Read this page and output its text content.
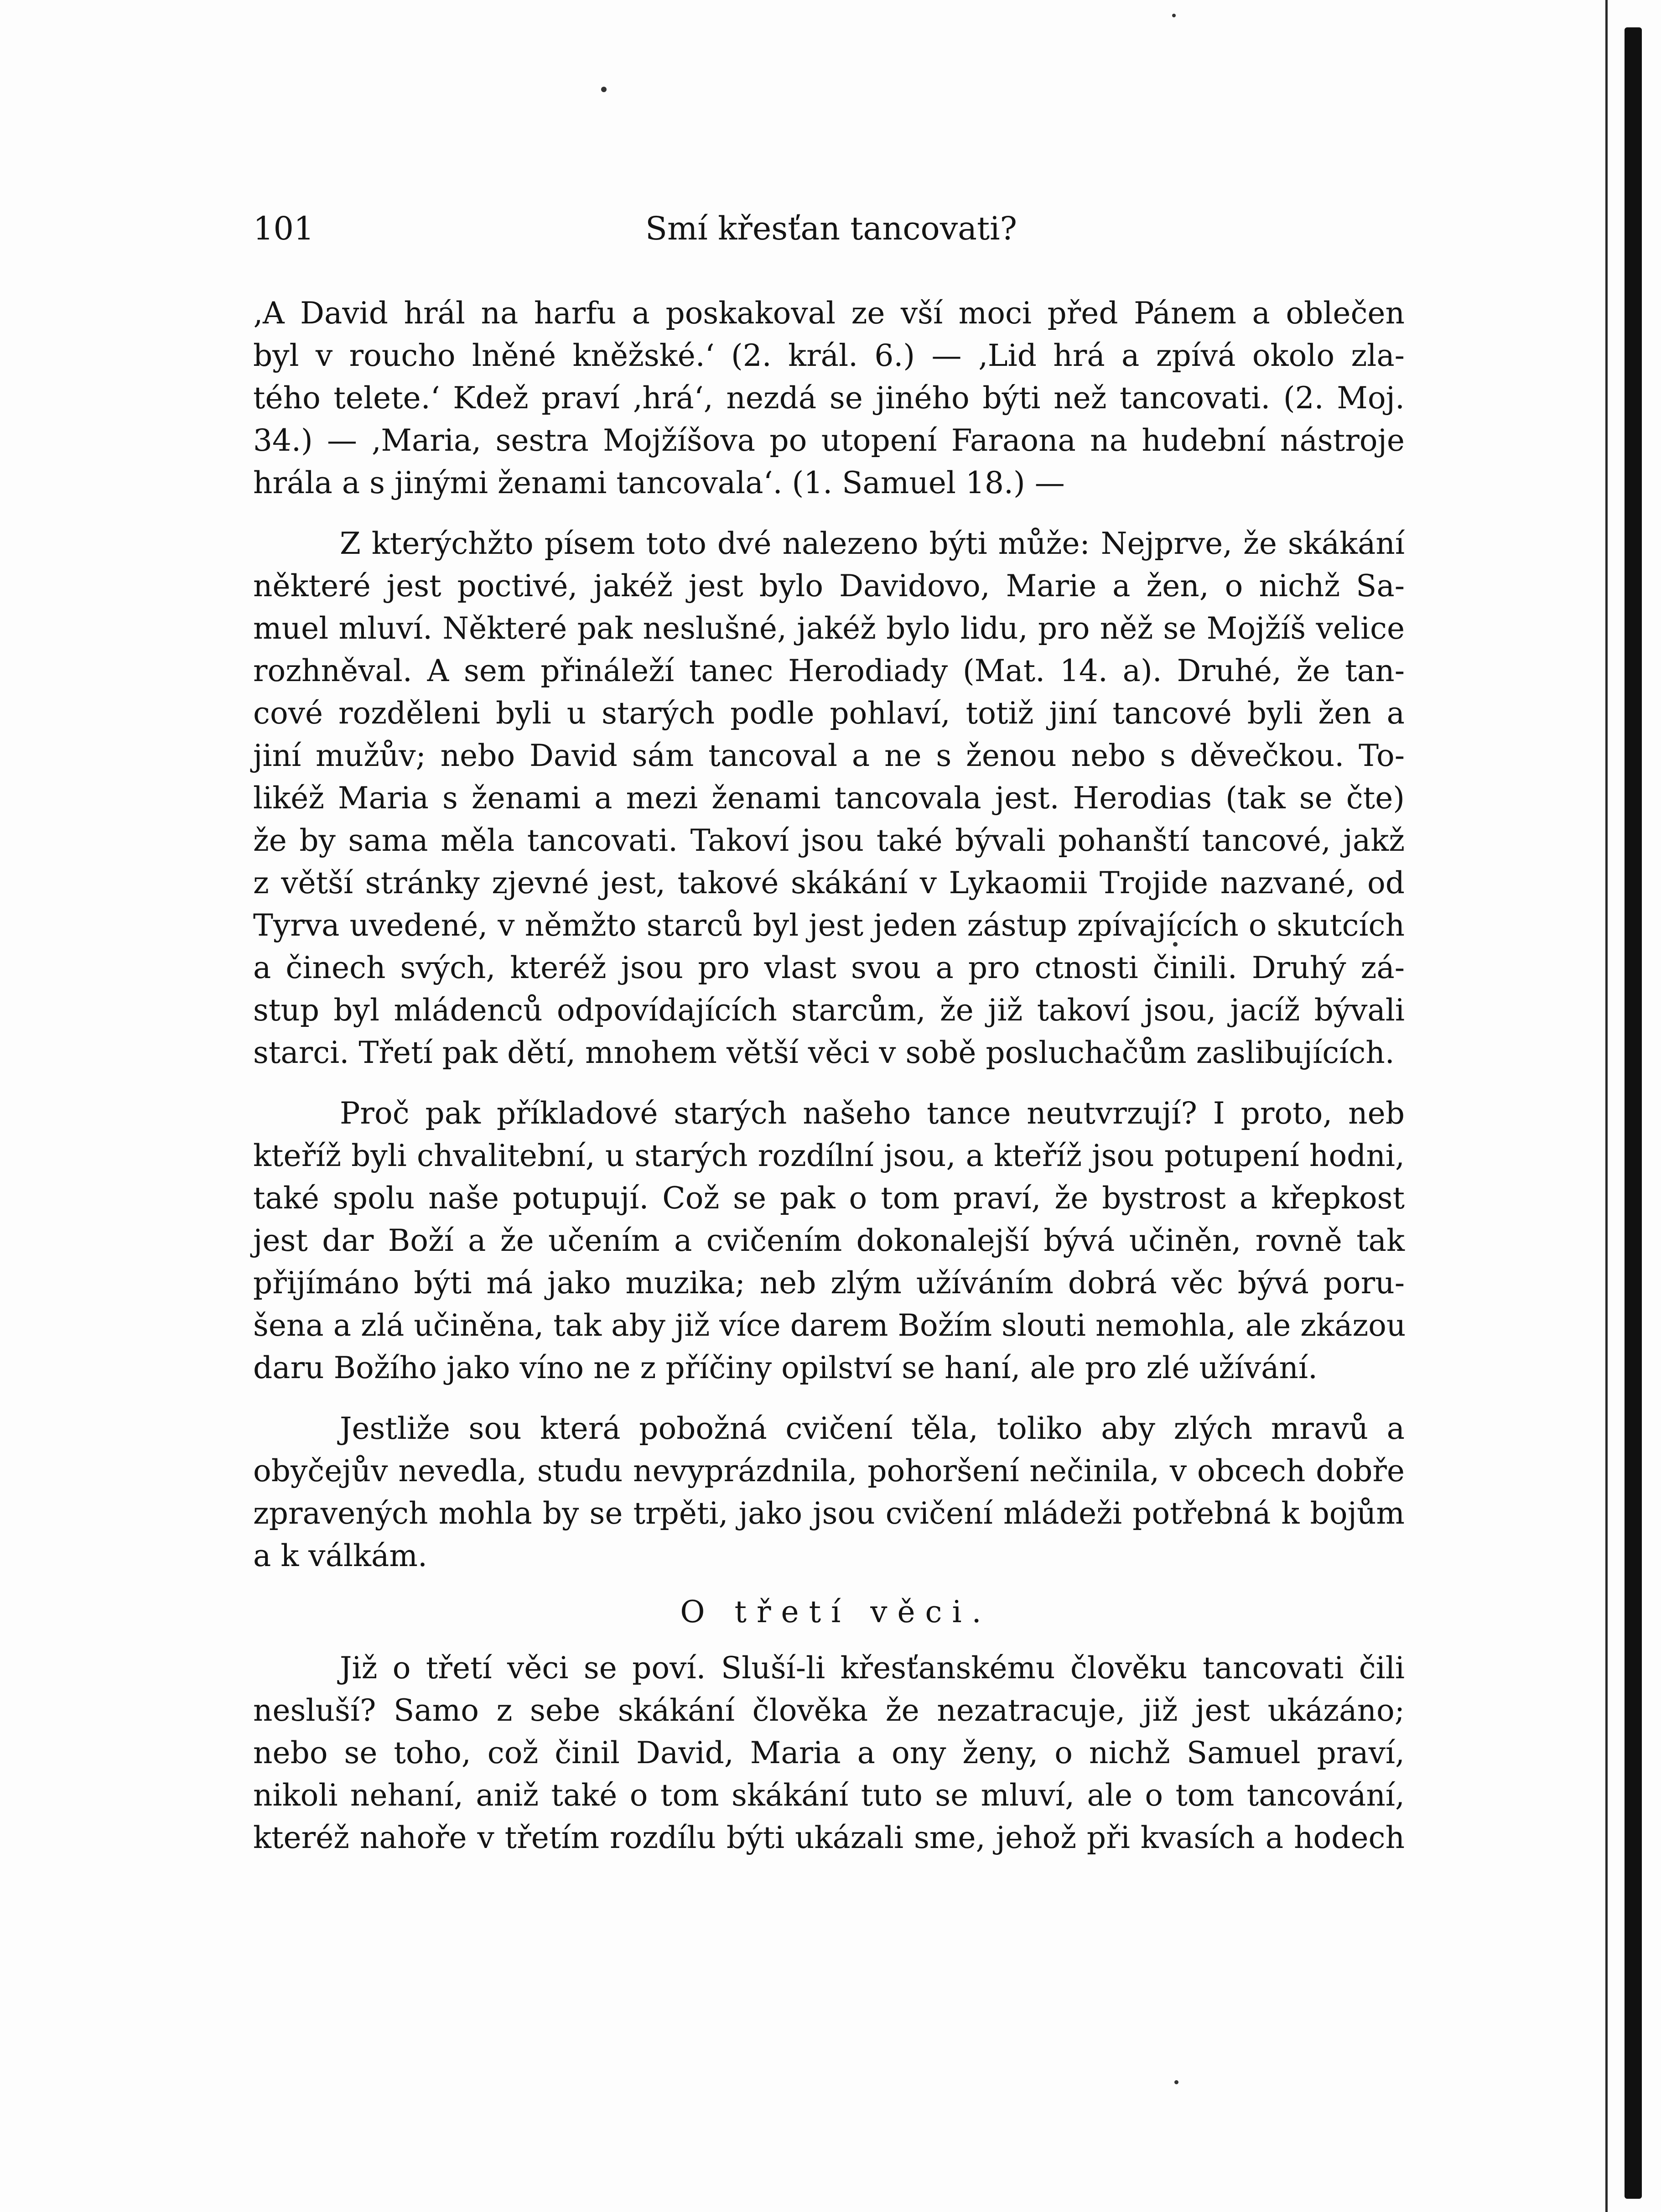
101	Smí křesťan tancovati?
‚A David hrál na harfu a poskakoval ze vší moci před Pánem a oblečen
byl v roucho lněné kněžské.‘ (2. král. 6.) — ‚Lid hrá a zpívá okolo zla-
tého telete.‘ Kdež praví ‚hrá‘, nezdá se jiného býti než tancovati. (2. Moj.
34.) — ‚Maria, sestra Mojžíšova po utopení Faraona na hudební nástroje
hrála a s jinými ženami tancovala‘. (1. Samuel 18.) —
Z kterýchžto písem toto dvé nalezeno býti může: Nejprve, že skákání
některé jest poctivé, jakéž jest bylo Davidovo, Marie a žen, o nichž Sa-
muel mluví. Některé pak neslušné, jakéž bylo lidu, pro něž se Mojžíš velice
rozhněval. A sem přináleží tanec Herodiady (Mat. 14. a). Druhé, že tan-
cové rozděleni byli u starých podle pohlaví, totiž jiní tancové byli žen a
jiní mužův; nebo David sám tancoval a ne s ženou nebo s děvečkou. To-
likéž Maria s ženami a mezi ženami tancovala jest. Herodias (tak se čte)
že by sama měla tancovati. Takoví jsou také bývali pohanští tancové, jakž
z větší stránky zjevné jest, takové skákání v Lykaomii Trojide nazvané, od
Tyrva uvedené, v němžto starců byl jest jeden zástup zpívajících o skutcích
a činech svých, kteréž jsou pro vlast svou a pro ctnosti činili. Druhý zá-
stup byl mládenců odpovídajících starcům, že již takoví jsou, jacíž bývali
starci. Třetí pak dětí, mnohem větší věci v sobě posluchačům zaslibujících.
Proč pak příkladové starých našeho tance neutvrzují? I proto, neb
kteříž byli chvalitební, u starých rozdílní jsou, a kteříž jsou potupení hodni,
také spolu naše potupují. Což se pak o tom praví, že bystrost a křepkost
jest dar Boží a že učením a cvičením dokonalejší bývá učiněn, rovně tak
přijímáno býti má jako muzika; neb zlým užíváním dobrá věc bývá poru-
šena a zlá učiněna, tak aby již více darem Božím slouti nemohla, ale zkázou
daru Božího jako víno ne z příčiny opilství se haní, ale pro zlé užívání.
Jestliže sou která pobožná cvičení těla, toliko aby zlých mravů a
obyčejův nevedla, studu nevyprázdnila, pohoršení nečinila, v obcech dobře
zpravených mohla by se trpěti, jako jsou cvičení mládeži potřebná k bojům
a k válkám.
O třetí věci.
Již o třetí věci se poví. Sluší-li křesťanskému člověku tancovati čili
nesluší? Samo z sebe skákání člověka že nezatracuje, již jest ukázáno;
nebo se toho, což činil David, Maria a ony ženy, o nichž Samuel praví,
nikoli nehaní, aniž také o tom skákání tuto se mluví, ale o tom tancování,
kteréž nahoře v třetím rozdílu býti ukázali sme, jehož při kvasích a hodech
